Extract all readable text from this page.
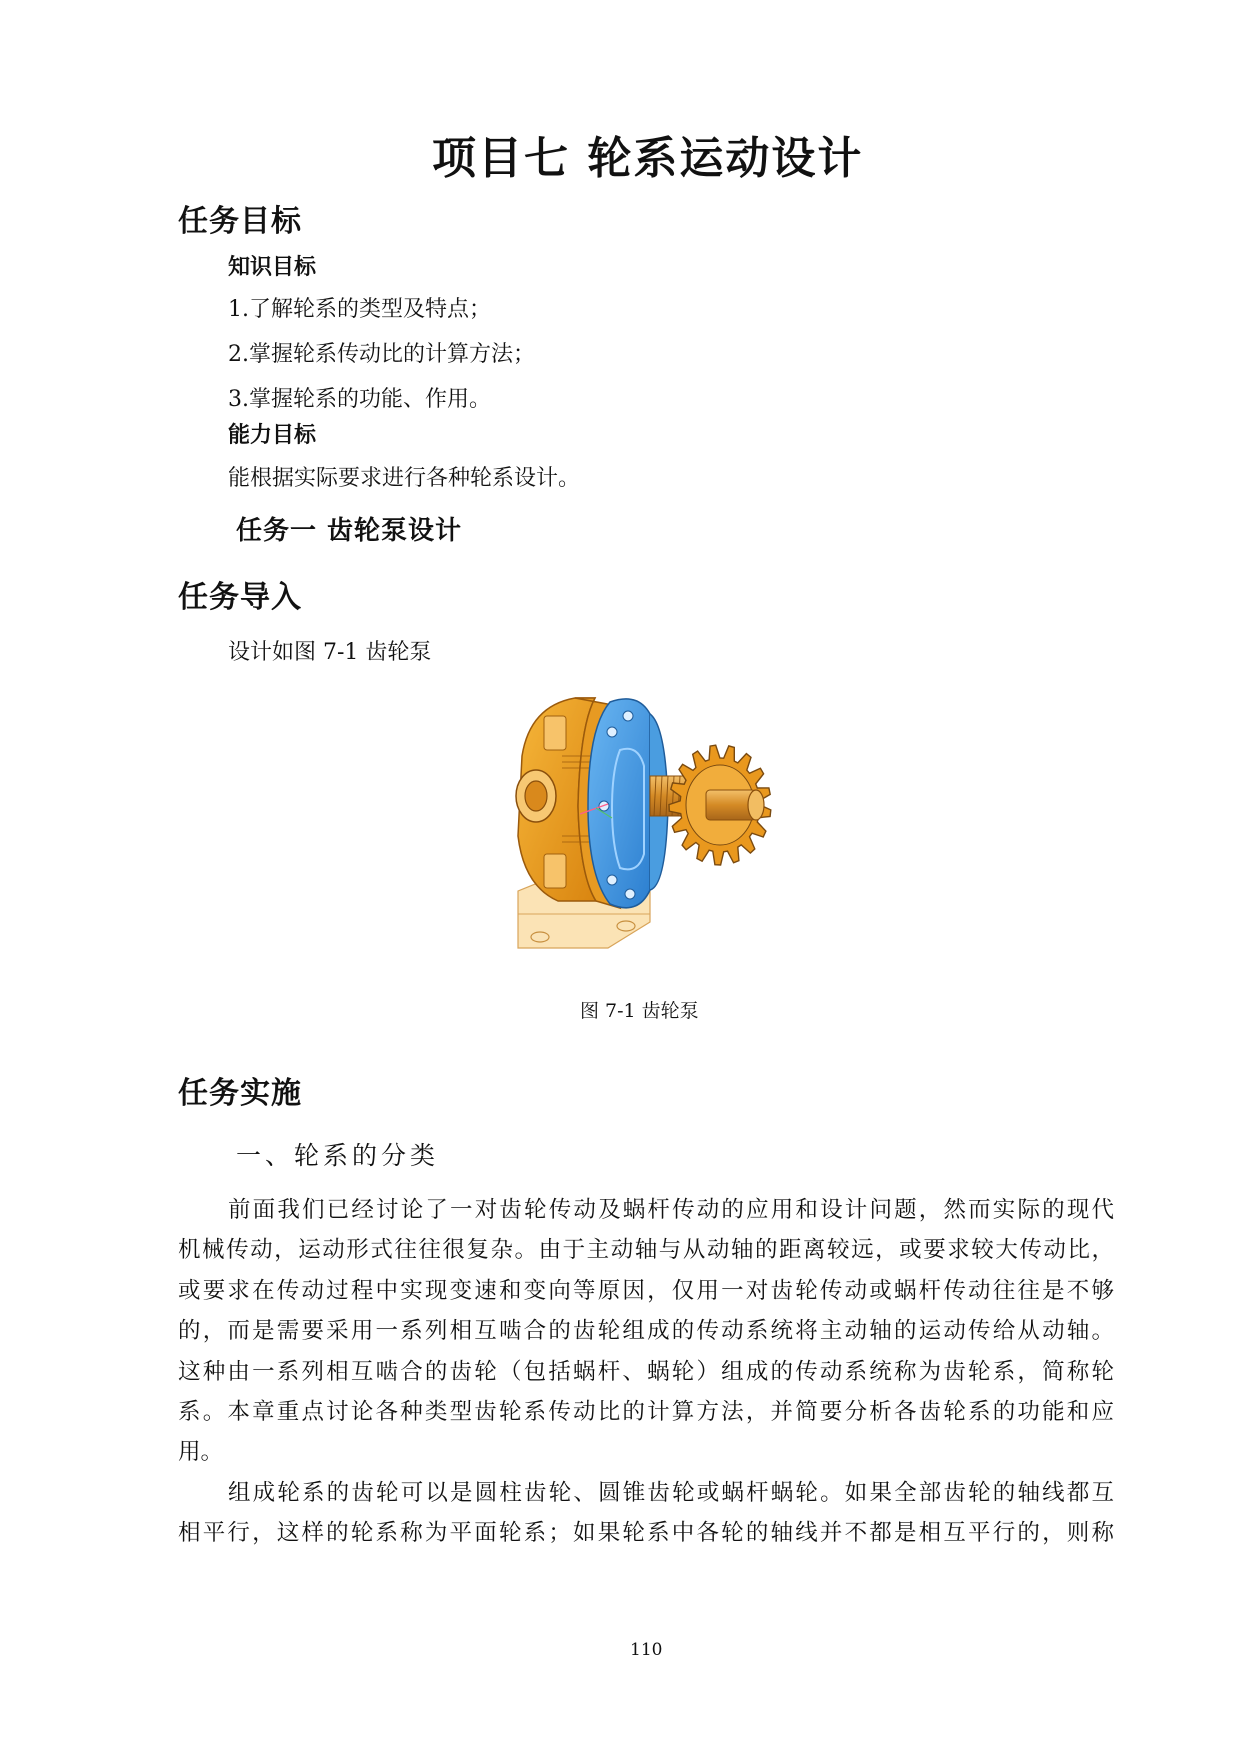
项目七 轮系运动设计
任务目标
知识目标
1.了解轮系的类型及特点；
2.掌握轮系传动比的计算方法；
3.掌握轮系的功能、作用。
能力目标
能根据实际要求进行各种轮系设计。
任务一 齿轮泵设计
任务导入
设计如图 7-1 齿轮泵
图 7-1 齿轮泵
任务实施
一、轮系的分类
前面我们已经讨论了一对齿轮传动及蜗杆传动的应用和设计问题，然而实际的现代
机械传动，运动形式往往很复杂。由于主动轴与从动轴的距离较远，或要求较大传动比，
或要求在传动过程中实现变速和变向等原因，仅用一对齿轮传动或蜗杆传动往往是不够
的，而是需要采用一系列相互啮合的齿轮组成的传动系统将主动轴的运动传给从动轴。
这种由一系列相互啮合的齿轮（包括蜗杆、蜗轮）组成的传动系统称为齿轮系，简称轮
系。本章重点讨论各种类型齿轮系传动比的计算方法，并简要分析各齿轮系的功能和应
用。
组成轮系的齿轮可以是圆柱齿轮、圆锥齿轮或蜗杆蜗轮。如果全部齿轮的轴线都互
相平行，这样的轮系称为平面轮系；如果轮系中各轮的轴线并不都是相互平行的，则称
110
